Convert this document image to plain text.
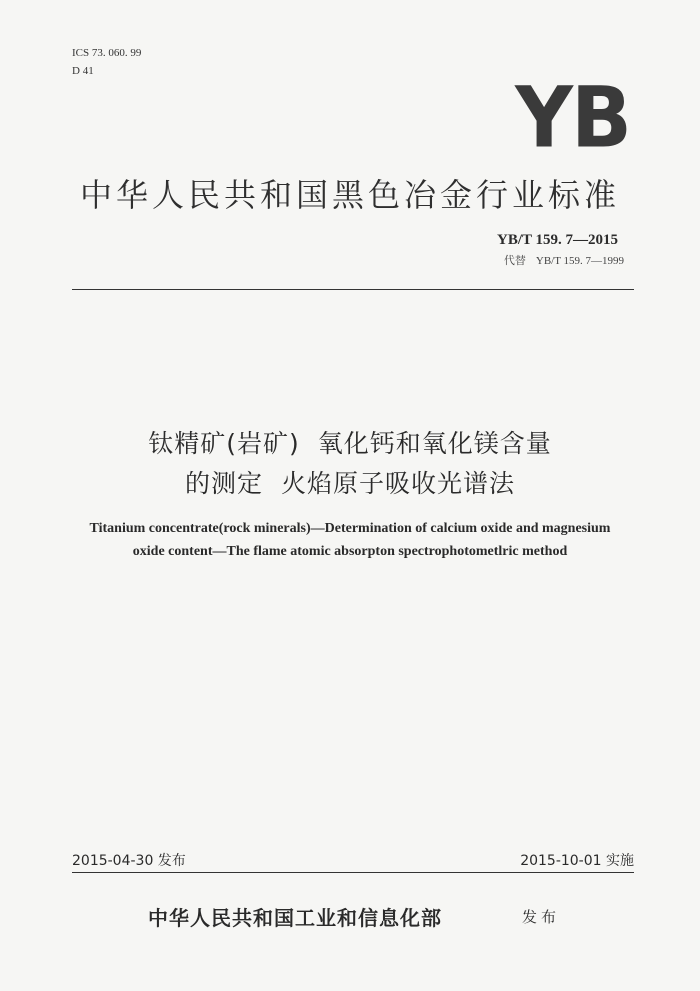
ICS 73. 060. 99
D 41	YB
中华人民共和国黑色冶金行业标准
YB/T 159. 7—2015
代替 YB/T 159. 7—1999
钛精矿(岩矿)  氧化钙和氧化镁含量
的测定  火焰原子吸收光谱法
Titanium concentrate(rock minerals)—Determination of calcium oxide and magnesium
oxide content—The flame atomic absorpton spectrophotometlric method
2015-04-30 发布	2015-10-01 实施
中华人民共和国工业和信息化部	发布
